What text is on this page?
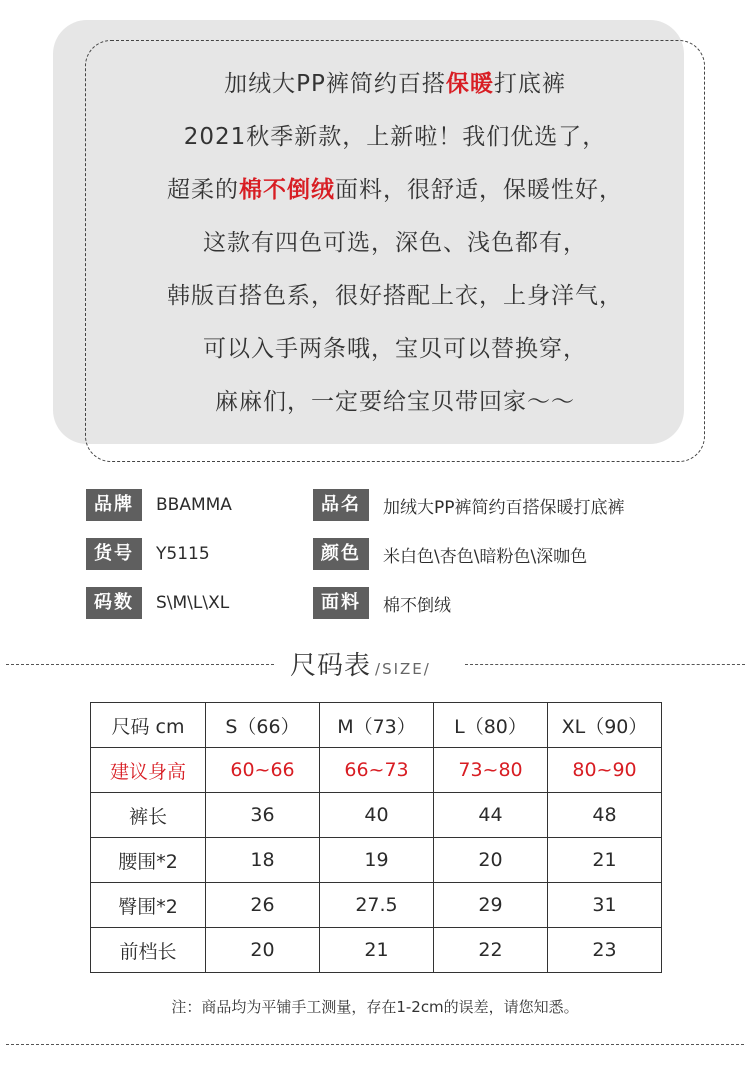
加绒大PP裤简约百搭保暖打底裤
2021秋季新款，上新啦！我们优选了，
超柔的棉不倒绒面料，很舒适，保暖性好，
这款有四色可选，深色、浅色都有，
韩版百搭色系，很好搭配上衣，上身洋气，
可以入手两条哦，宝贝可以替换穿，
麻麻们，一定要给宝贝带回家～～
品牌	BBAMMA	品名	加绒大PP裤简约百搭保暖打底裤
货号	Y5115	颜色	米白色\杏色\暗粉色\深咖色
码数	S\M\L\XL	面料	棉不倒绒
尺码表 /SIZE/
尺码 cm	S（66）	M（73）	L（80）	XL（90）
建议身高	60~66	66~73	73~80	80~90
裤长	36	40	44	48
腰围*2	18	19	20	21
臀围*2	26	27.5	29	31
前档长	20	21	22	23
注：商品均为平铺手工测量，存在1-2cm的误差，请您知悉。
